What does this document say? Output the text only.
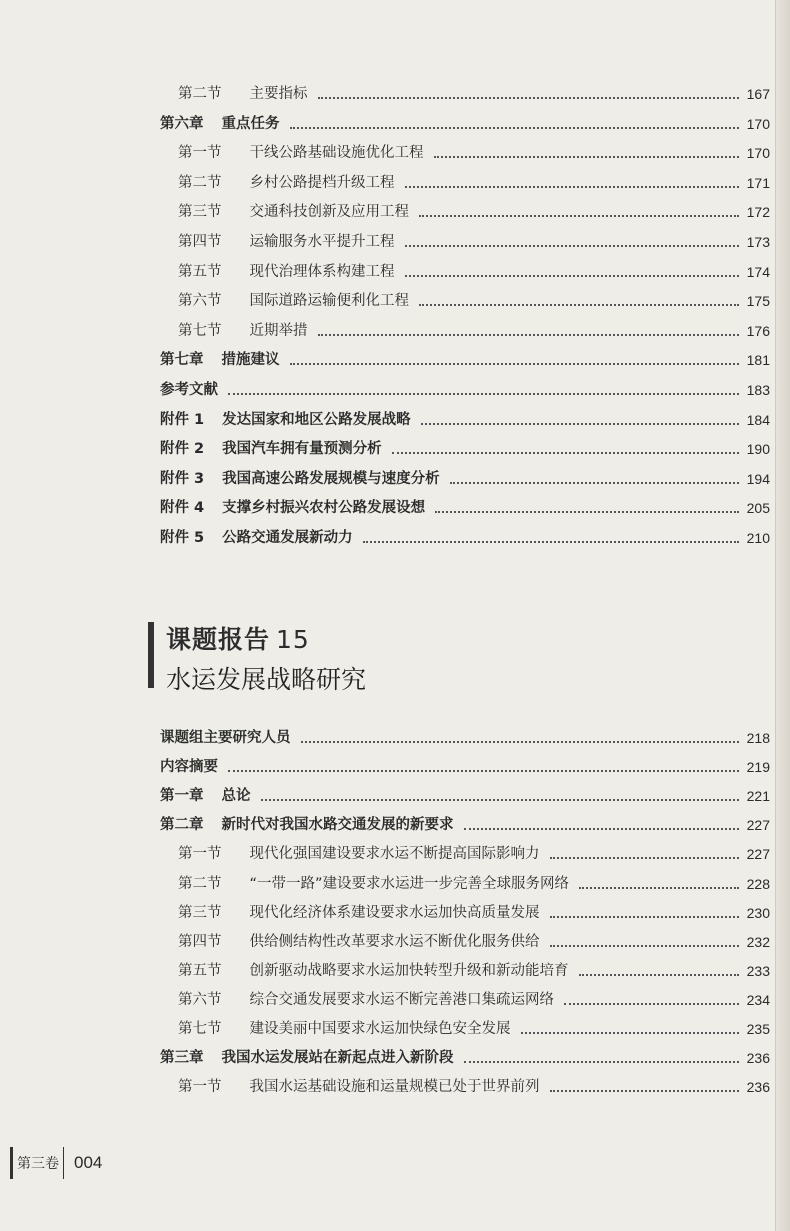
第二节 主要指标	167
第六章 重点任务	170
第一节 干线公路基础设施优化工程	170
第二节 乡村公路提档升级工程	171
第三节 交通科技创新及应用工程	172
第四节 运输服务水平提升工程	173
第五节 现代治理体系构建工程	174
第六节 国际道路运输便利化工程	175
第七节 近期举措	176
第七章 措施建议	181
参考文献	183
附件 1 发达国家和地区公路发展战略	184
附件 2 我国汽车拥有量预测分析	190
附件 3 我国高速公路发展规模与速度分析	194
附件 4 支撑乡村振兴农村公路发展设想	205
附件 5 公路交通发展新动力	210
课题报告 15
水运发展战略研究
课题组主要研究人员	218
内容摘要	219
第一章 总论	221
第二章 新时代对我国水路交通发展的新要求	227
第一节 现代化强国建设要求水运不断提高国际影响力	227
第二节 “一带一路”建设要求水运进一步完善全球服务网络	228
第三节 现代化经济体系建设要求水运加快高质量发展	230
第四节 供给侧结构性改革要求水运不断优化服务供给	232
第五节 创新驱动战略要求水运加快转型升级和新动能培育	233
第六节 综合交通发展要求水运不断完善港口集疏运网络	234
第七节 建设美丽中国要求水运加快绿色安全发展	235
第三章 我国水运发展站在新起点进入新阶段	236
第一节 我国水运基础设施和运量规模已处于世界前列	236
第三卷 004
